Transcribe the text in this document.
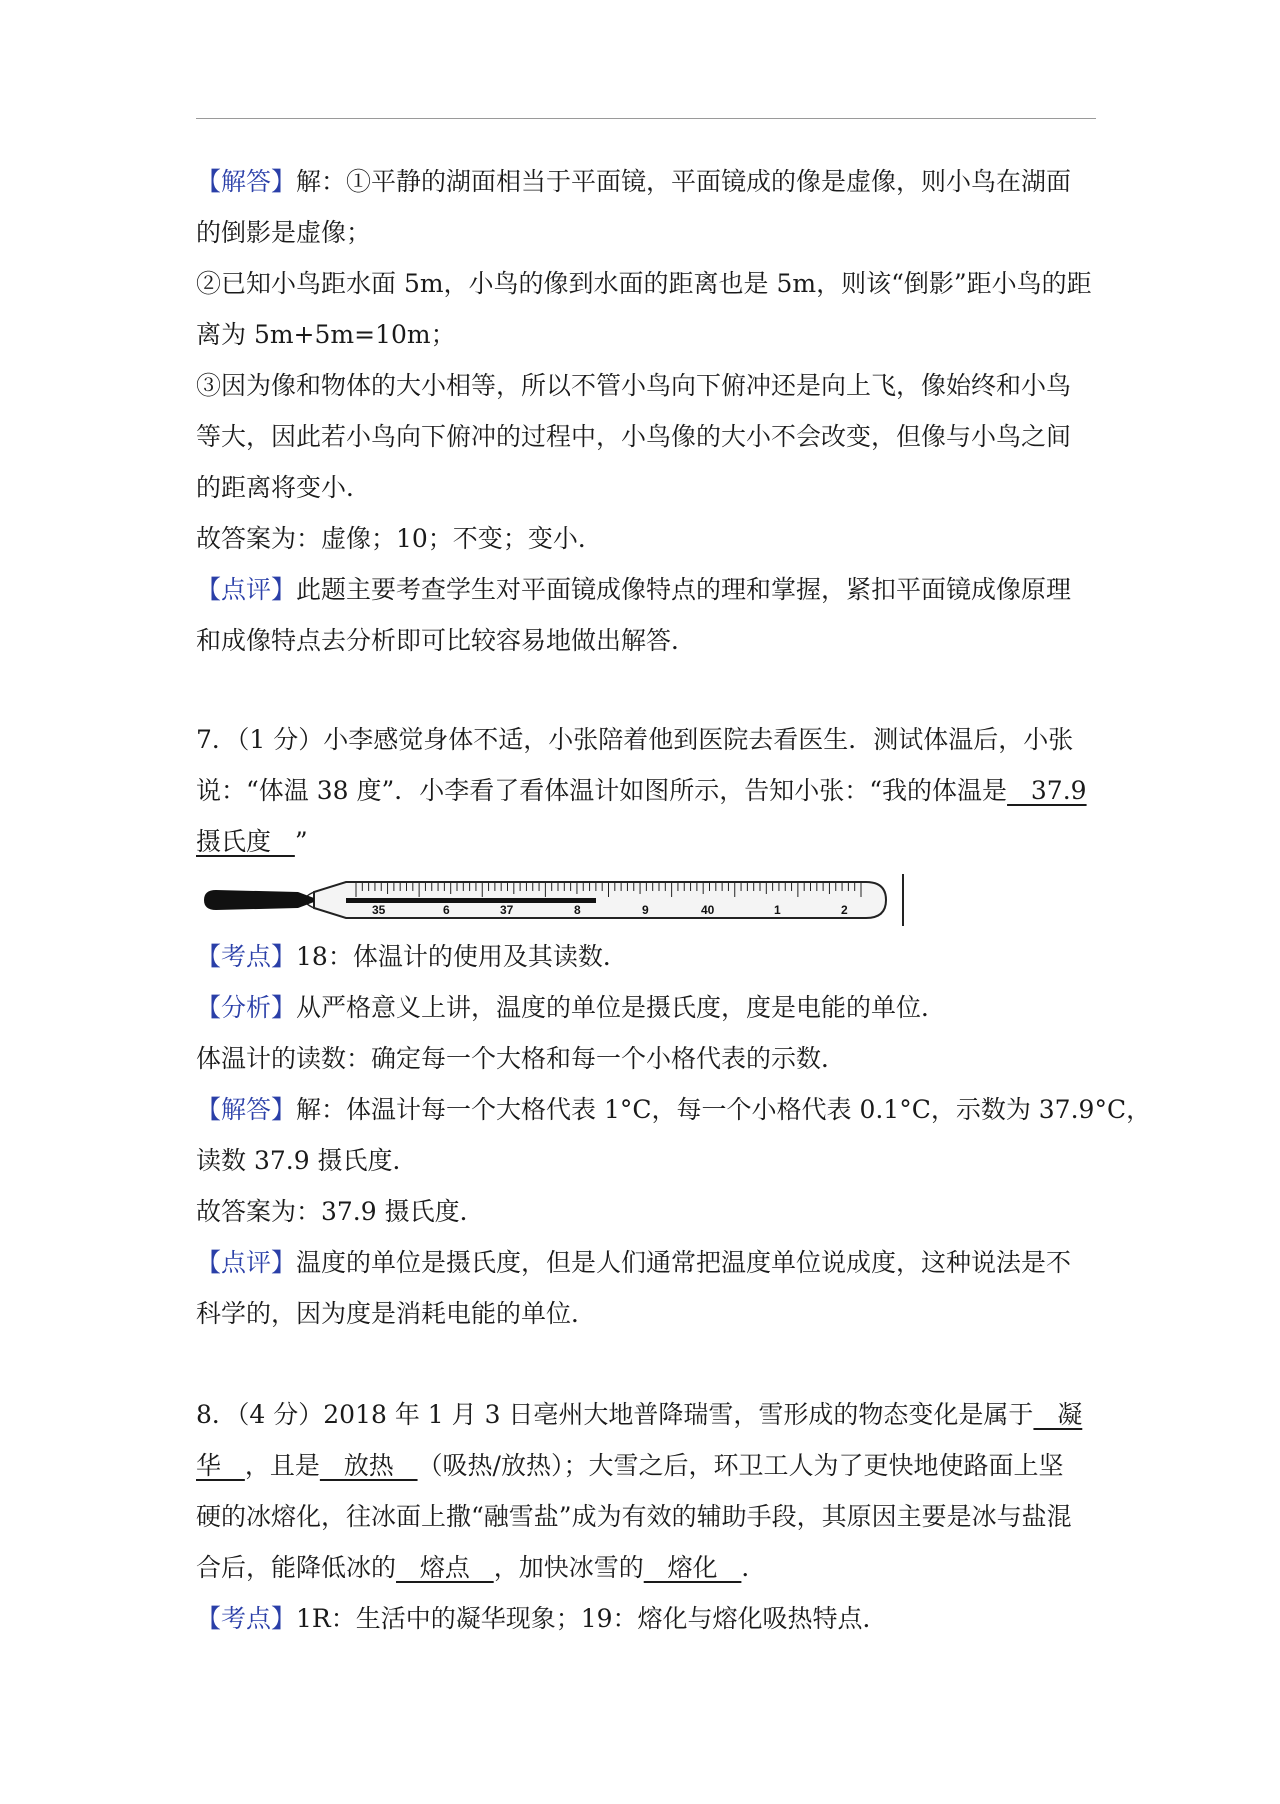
【解答】解：①平静的湖面相当于平面镜，平面镜成的像是虚像，则小鸟在湖面
的倒影是虚像；
②已知小鸟距水面 5m，小鸟的像到水面的距离也是 5m，则该“倒影”距小鸟的距
离为 5m+5m=10m；
③因为像和物体的大小相等，所以不管小鸟向下俯冲还是向上飞，像始终和小鸟
等大，因此若小鸟向下俯冲的过程中，小鸟像的大小不会改变，但像与小鸟之间
的距离将变小．
故答案为：虚像；10；不变；变小．
【点评】此题主要考查学生对平面镜成像特点的理和掌握，紧扣平面镜成像原理
和成像特点去分析即可比较容易地做出解答．
7．（1 分）小李感觉身体不适，小张陪着他到医院去看医生．测试体温后，小张
说：“体温 38 度”．小李看了看体温计如图所示，告知小张：“我的体温是   37.9
摄氏度   ”
35	6	37	8	9	40	1	2
【考点】18：体温计的使用及其读数．
【分析】从严格意义上讲，温度的单位是摄氏度，度是电能的单位．
体温计的读数：确定每一个大格和每一个小格代表的示数．
【解答】解：体温计每一个大格代表 1°C，每一个小格代表 0.1°C，示数为 37.9°C，
读数 37.9 摄氏度．
故答案为：37.9 摄氏度．
【点评】温度的单位是摄氏度，但是人们通常把温度单位说成度，这种说法是不
科学的，因为度是消耗电能的单位．
8．（4 分）2018 年 1 月 3 日亳州大地普降瑞雪，雪形成的物态变化是属于   凝
华   ，且是   放热   （吸热/放热）；大雪之后，环卫工人为了更快地使路面上坚
硬的冰熔化，往冰面上撒“融雪盐”成为有效的辅助手段，其原因主要是冰与盐混
合后，能降低冰的   熔点   ，加快冰雪的   熔化   ．
【考点】1R：生活中的凝华现象；19：熔化与熔化吸热特点．
